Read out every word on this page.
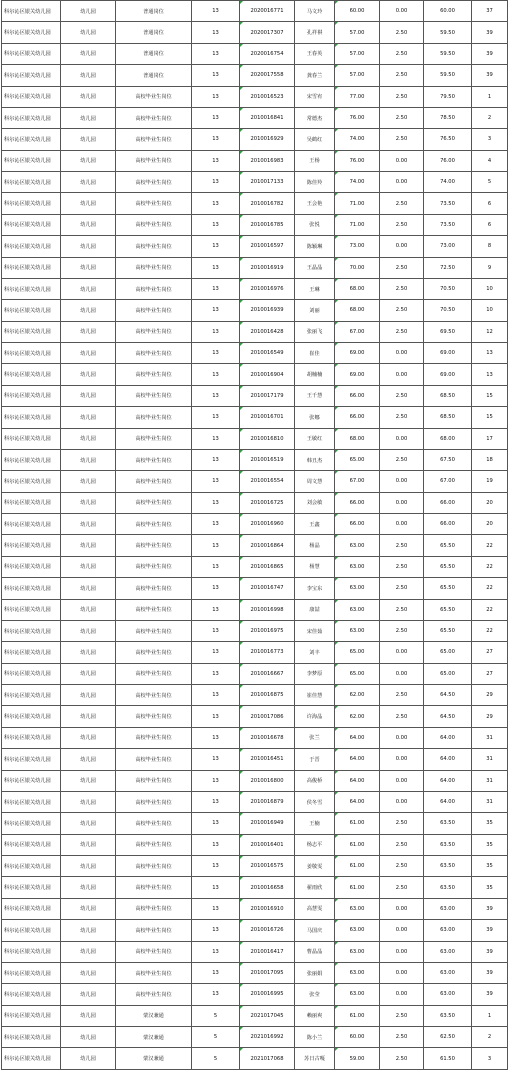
科尔沁区银关幼儿园	幼儿园	普通岗位	13	2020016771	马文玲	60.00	0.00	60.00	37
科尔沁区银关幼儿园	幼儿园	普通岗位	13	2020017307	孔祥祺	57.00	2.50	59.50	39
科尔沁区银关幼儿园	幼儿园	普通岗位	13	2020016754	王春英	57.00	2.50	59.50	39
科尔沁区银关幼儿园	幼儿园	普通岗位	13	2020017558	龚春兰	57.00	2.50	59.50	39
科尔沁区银关幼儿园	幼儿园	高校毕业生岗位	13	2010016523	宋雪宥	77.00	2.50	79.50	1
科尔沁区银关幼儿园	幼儿园	高校毕业生岗位	13	2010016841	常德杰	76.00	2.50	78.50	2
科尔沁区银关幼儿园	幼儿园	高校毕业生岗位	13	2010016929	吴鹤红	74.00	2.50	76.50	3
科尔沁区银关幼儿园	幼儿园	高校毕业生岗位	13	2010016983	王杨	76.00	0.00	76.00	4
科尔沁区银关幼儿园	幼儿园	高校毕业生岗位	13	2010017133	陈佳羚	74.00	0.00	74.00	5
科尔沁区银关幼儿园	幼儿园	高校毕业生岗位	13	2010016782	王会艳	71.00	2.50	73.50	6
科尔沁区银关幼儿园	幼儿园	高校毕业生岗位	13	2010016785	张悦	71.00	2.50	73.50	6
科尔沁区银关幼儿园	幼儿园	高校毕业生岗位	13	2010016597	陈颖琳	73.00	0.00	73.00	8
科尔沁区银关幼儿园	幼儿园	高校毕业生岗位	13	2010016919	王晶晶	70.00	2.50	72.50	9
科尔沁区银关幼儿园	幼儿园	高校毕业生岗位	13	2010016976	王琳	68.00	2.50	70.50	10
科尔沁区银关幼儿园	幼儿园	高校毕业生岗位	13	2010016939	刘丽	68.00	2.50	70.50	10
科尔沁区银关幼儿园	幼儿园	高校毕业生岗位	13	2010016428	张丽飞	67.00	2.50	69.50	12
科尔沁区银关幼儿园	幼儿园	高校毕业生岗位	13	2010016549	崔佳	69.00	0.00	69.00	13
科尔沁区银关幼儿园	幼儿园	高校毕业生岗位	13	2010016904	胡楠楠	69.00	0.00	69.00	13
科尔沁区银关幼儿园	幼儿园	高校毕业生岗位	13	2010017179	王千慧	66.00	2.50	68.50	15
科尔沁区银关幼儿园	幼儿园	高校毕业生岗位	13	2010016701	张娜	66.00	2.50	68.50	15
科尔沁区银关幼儿园	幼儿园	高校毕业生岗位	13	2010016810	王敏红	68.00	0.00	68.00	17
科尔沁区银关幼儿园	幼儿园	高校毕业生岗位	13	2010016519	韩丑杰	65.00	2.50	67.50	18
科尔沁区银关幼儿园	幼儿园	高校毕业生岗位	13	2010016554	周文慧	67.00	0.00	67.00	19
科尔沁区银关幼儿园	幼儿园	高校毕业生岗位	13	2010016725	刘会敏	66.00	0.00	66.00	20
科尔沁区银关幼儿园	幼儿园	高校毕业生岗位	13	2010016960	王鑫	66.00	0.00	66.00	20
科尔沁区银关幼儿园	幼儿园	高校毕业生岗位	13	2010016864	杨晶	63.00	2.50	65.50	22
科尔沁区银关幼儿园	幼儿园	高校毕业生岗位	13	2010016865	杨慧	63.00	2.50	65.50	22
科尔沁区银关幼儿园	幼儿园	高校毕业生岗位	13	2010016747	李宝东	63.00	2.50	65.50	22
科尔沁区银关幼儿园	幼儿园	高校毕业生岗位	13	2010016998	康喆	63.00	2.50	65.50	22
科尔沁区银关幼儿园	幼儿园	高校毕业生岗位	13	2010016975	宋佳茹	63.00	2.50	65.50	22
科尔沁区银关幼儿园	幼儿园	高校毕业生岗位	13	2010016773	刘丰	65.00	0.00	65.00	27
科尔沁区银关幼儿园	幼儿园	高校毕业生岗位	13	2010016667	李梦原	65.00	0.00	65.00	27
科尔沁区银关幼儿园	幼儿园	高校毕业生岗位	13	2010016875	崔佳慧	62.00	2.50	64.50	29
科尔沁区银关幼儿园	幼儿园	高校毕业生岗位	13	2010017086	许海晶	62.00	2.50	64.50	29
科尔沁区银关幼儿园	幼儿园	高校毕业生岗位	13	2010016678	张兰	64.00	0.00	64.00	31
科尔沁区银关幼儿园	幼儿园	高校毕业生岗位	13	2010016451	于晋	64.00	0.00	64.00	31
科尔沁区银关幼儿园	幼儿园	高校毕业生岗位	13	2010016800	高俊桥	64.00	0.00	64.00	31
科尔沁区银关幼儿园	幼儿园	高校毕业生岗位	13	2010016879	侯冬雪	64.00	0.00	64.00	31
科尔沁区银关幼儿园	幼儿园	高校毕业生岗位	13	2010016949	王楠	61.00	2.50	63.50	35
科尔沁区银关幼儿园	幼儿园	高校毕业生岗位	13	2010016401	杨志平	61.00	2.50	63.50	35
科尔沁区银关幼儿园	幼儿园	高校毕业生岗位	13	2010016575	姜敬雯	61.00	2.50	63.50	35
科尔沁区银关幼儿园	幼儿园	高校毕业生岗位	13	2010016658	翟雨欣	61.00	2.50	63.50	35
科尔沁区银关幼儿园	幼儿园	高校毕业生岗位	13	2010016910	高慧雯	63.00	0.00	63.00	39
科尔沁区银关幼儿园	幼儿园	高校毕业生岗位	13	2010016726	马国庆	63.00	0.00	63.00	39
科尔沁区银关幼儿园	幼儿园	高校毕业生岗位	13	2010016417	曹晶晶	63.00	0.00	63.00	39
科尔沁区银关幼儿园	幼儿园	高校毕业生岗位	13	2010017095	张丽娟	63.00	0.00	63.00	39
科尔沁区银关幼儿园	幼儿园	高校毕业生岗位	13	2010016995	张莹	63.00	0.00	63.00	39
科尔沁区银关幼儿园	幼儿园	蒙汉兼通	5	2021017045	赖丽爽	61.00	2.50	63.50	1
科尔沁区银关幼儿园	幼儿园	蒙汉兼通	5	2021016992	陈小兰	60.00	2.50	62.50	2
科尔沁区银关幼儿园	幼儿园	蒙汉兼通	5	2021017068	苏日古嘎	59.00	2.50	61.50	3
